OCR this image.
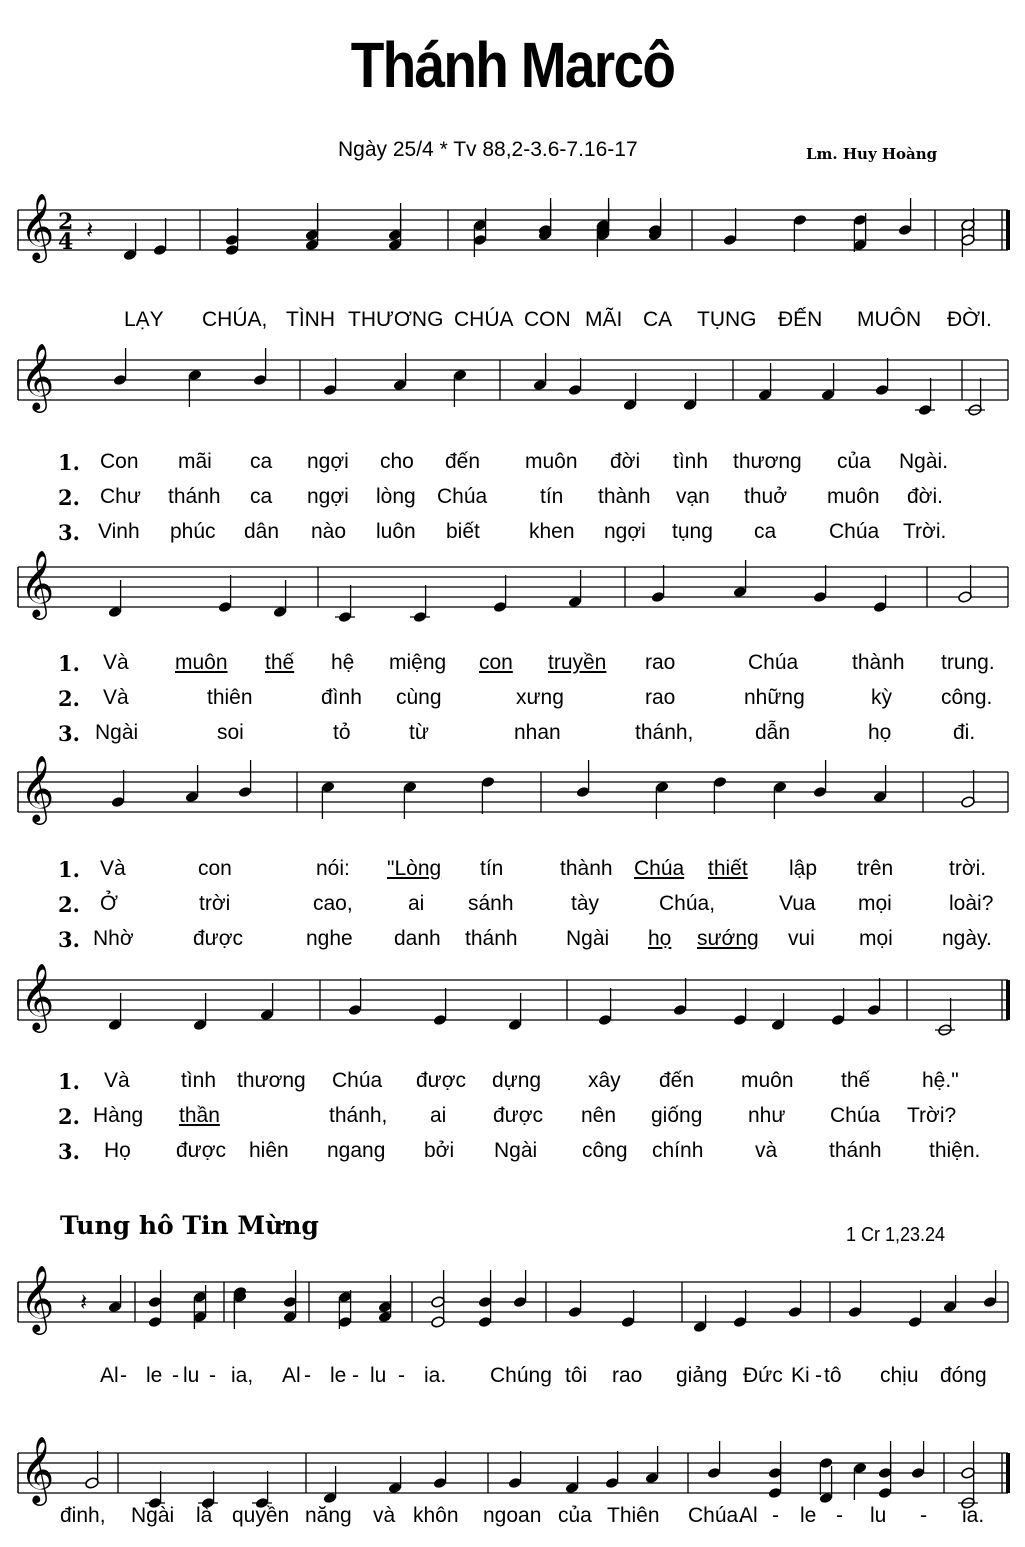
Thánh Marcô
Ngày 25/4 * Tv 88,2-3.6-7.16-17	Lm. Huy Hoàng
𝄞 2
4 𝄽
𝄞
𝄞
𝄞
𝄞
𝄞 𝄽
𝄞
LẠY CHÚA, TÌNH THƯƠNG CHÚA CON MÃI CA TỤNG ĐẾN MUÔN ĐỜI.
1. Con mãi ca ngợi cho đến muôn đời tình thương của Ngài.
2. Chư thánh ca ngợi lòng Chúa	tín thành vạn thuở muôn đời.
3. Vinh phúc dân nào luôn biết khen ngợi tụng ca	Chúa Trời.
1. Và muôn thế hệ miệng con truyền rao	Chúa	thành trung.
2. Và	thiên	đình cùng	xưng	rao	những	kỳ công.
3. Ngài	soi	tỏ	từ	nhan	thánh,	dẫn	họ	đi.
1. Và	con	nói: "Lòng tín	thành Chúa thiết lập trên	trời.
2. Ở	trời	cao,	ai sánh	tày	Chúa,	Vua mọi	loài?
3. Nhờ	được	nghe danh thánh Ngài họ sướng vui mọi ngày.
1. Và tình thương Chúa được dựng xây đến muôn thế hệ."
2. Hàng thần	thánh, ai được nên giống như Chúa Trời?
3. Họ được hiên ngang bởi Ngài công chính và thánh thiện.
Tung hô Tin Mừng	1 Cr 1,23.24
Al - le - lu - ia, Al - le - lu - ia. Chúng tôi rao giảng Đức Ki - tô chịu đóng
đinh, Ngài là quyền năng và khôn ngoan của Thiên Chúa.
Al - le - lu - ia.
